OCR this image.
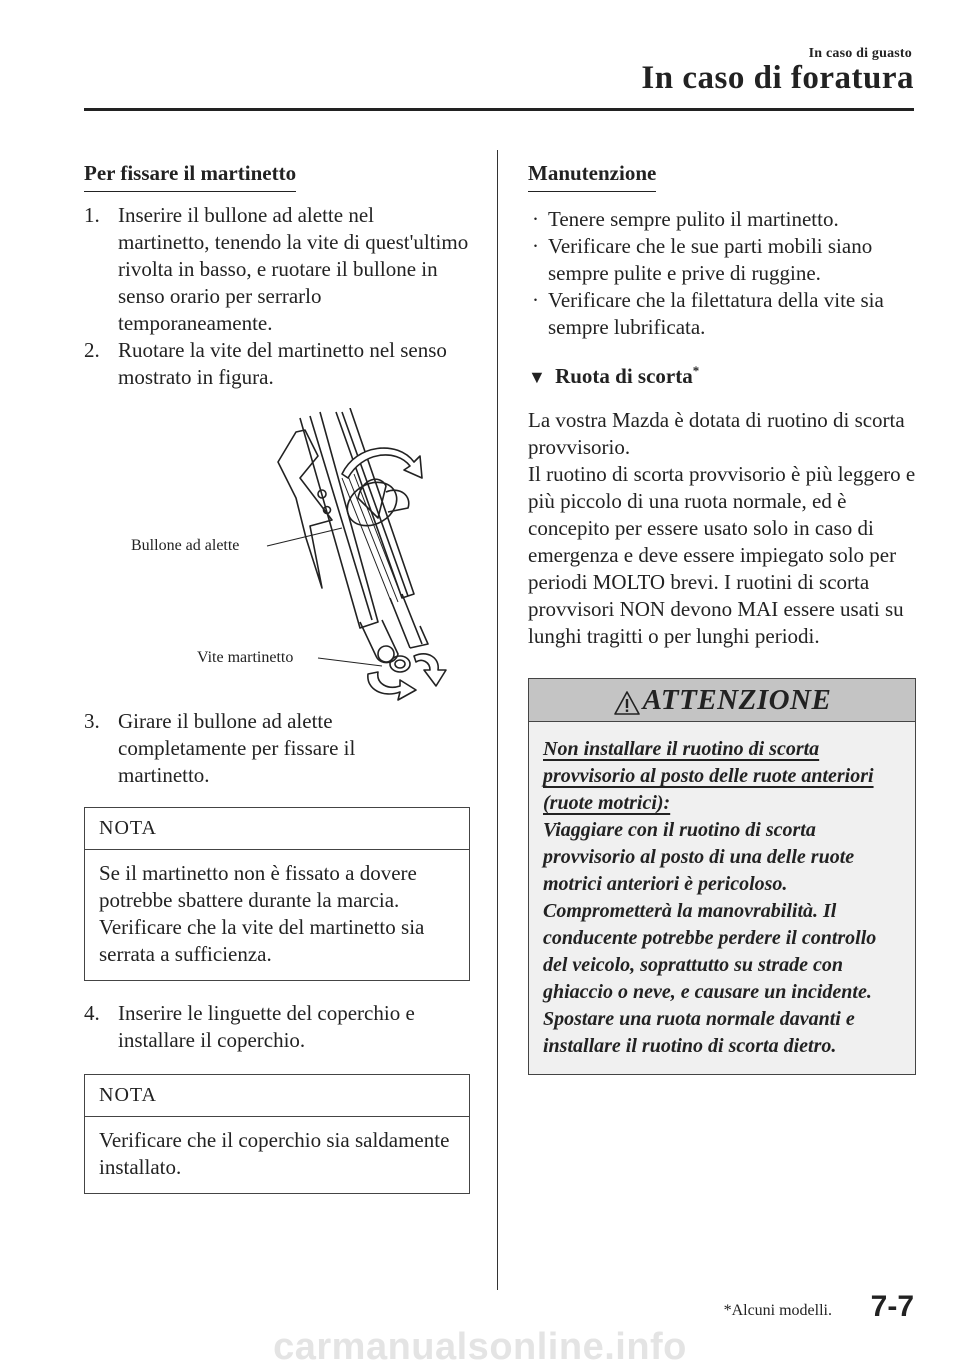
In caso di guasto
In caso di foratura
Per fissare il martinetto
1. Inserire il bullone ad alette nel martinetto, tenendo la vite di quest'ultimo rivolta in basso, e ruotare il bullone in senso orario per serrarlo temporaneamente.
2. Ruotare la vite del martinetto nel senso mostrato in figura.
Bullone ad alette
Vite martinetto
3. Girare il bullone ad alette completamente per fissare il martinetto.
NOTA
Se il martinetto non è fissato a dovere potrebbe sbattere durante la marcia. Verificare che la vite del martinetto sia serrata a sufficienza.
4. Inserire le linguette del coperchio e installare il coperchio.
NOTA
Verificare che il coperchio sia saldamente installato.
Manutenzione
· Tenere sempre pulito il martinetto.
· Verificare che le sue parti mobili siano sempre pulite e prive di ruggine.
· Verificare che la filettatura della vite sia sempre lubrificata.
▼ Ruota di scorta*

La vostra Mazda è dotata di ruotino di scorta provvisorio.

Il ruotino di scorta provvisorio è più leggero e più piccolo di una ruota normale, ed è concepito per essere usato solo in caso di emergenza e deve essere impiegato solo per periodi MOLTO brevi. I ruotini di scorta provvisori NON devono MAI essere usati su lunghi tragitti o per lunghi periodi.

ATTENZIONE
Non installare il ruotino di scorta provvisorio al posto delle ruote anteriori (ruote motrici):
Viaggiare con il ruotino di scorta provvisorio al posto di una delle ruote motrici anteriori è pericoloso. Comprometterà la manovrabilità. Il conducente potrebbe perdere il controllo del veicolo, soprattutto su strade con ghiaccio o neve, e causare un incidente. Spostare una ruota normale davanti e installare il ruotino di scorta dietro.
*Alcuni modelli. 7-7
carmanualsonline.info
